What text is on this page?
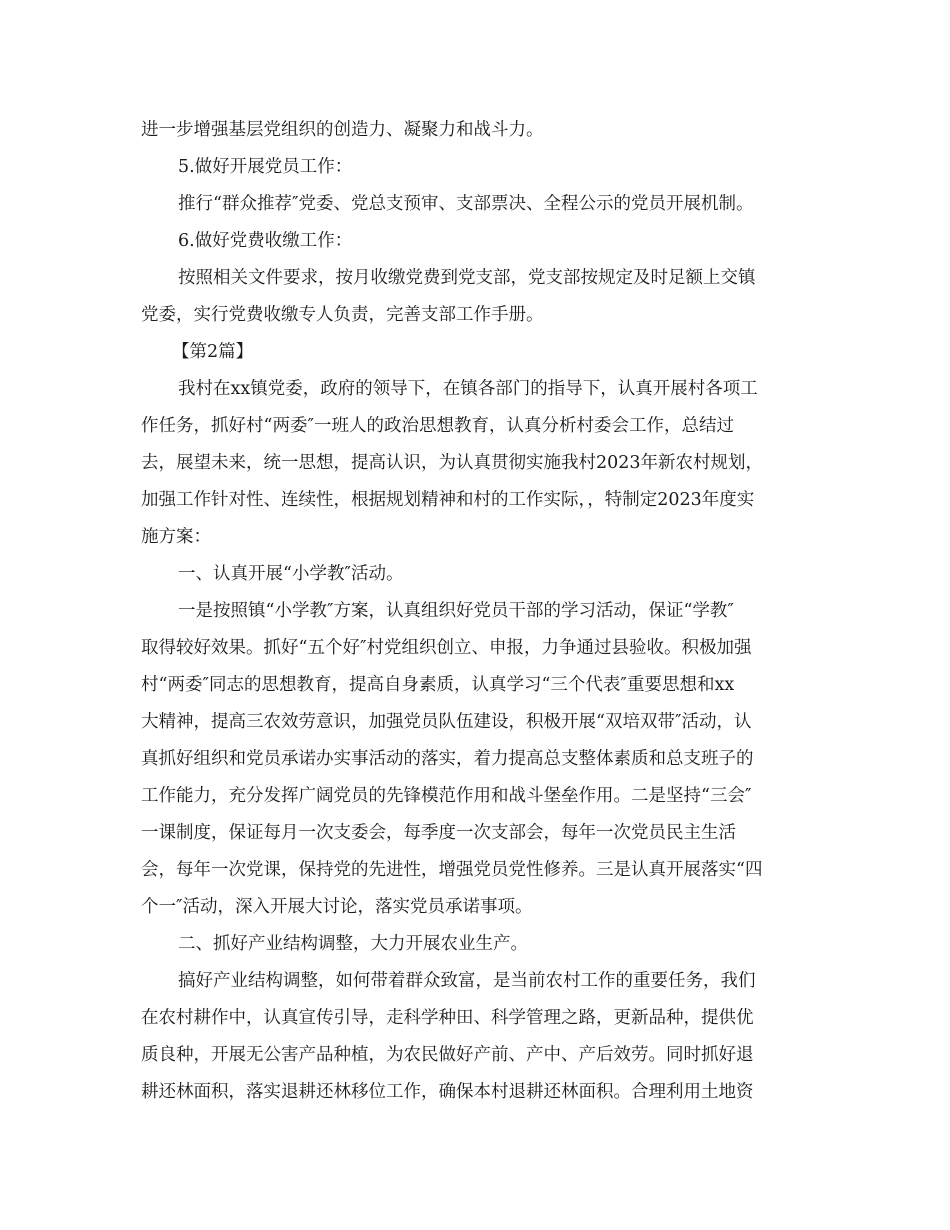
进一步增强基层党组织的创造力、凝聚力和战斗力。

5.做好开展党员工作：

推行“群众推荐″党委、党总支预审、支部票决、全程公示的党员开展机制。

6.做好党费收缴工作：

按照相关文件要求，按月收缴党费到党支部，党支部按规定及时足额上交镇

党委，实行党费收缴专人负责，完善支部工作手册。

【第2篇】

我村在xx镇党委，政府的领导下，在镇各部门的指导下，认真开展村各项工

作任务，抓好村“两委″一班人的政治思想教育，认真分析村委会工作，总结过

去，展望未来，统一思想，提高认识，为认真贯彻实施我村2023年新农村规划，

加强工作针对性、连续性，根据规划精神和村的工作实际，，特制定2023年度实

施方案：

一、认真开展“小学教″活动。

一是按照镇“小学教″方案，认真组织好党员干部的学习活动，保证“学教″

取得较好效果。抓好“五个好″村党组织创立、申报，力争通过县验收。积极加强

村“两委″同志的思想教育，提高自身素质，认真学习“三个代表″重要思想和xx

大精神，提高三农效劳意识，加强党员队伍建设，积极开展“双培双带″活动，认

真抓好组织和党员承诺办实事活动的落实，着力提高总支整体素质和总支班子的

工作能力，充分发挥广阔党员的先锋模范作用和战斗堡垒作用。二是坚持“三会″

一课制度，保证每月一次支委会，每季度一次支部会，每年一次党员民主生活

会，每年一次党课，保持党的先进性，增强党员党性修养。三是认真开展落实“四

个一″活动，深入开展大讨论，落实党员承诺事项。

二、抓好产业结构调整，大力开展农业生产。

搞好产业结构调整，如何带着群众致富，是当前农村工作的重要任务，我们

在农村耕作中，认真宣传引导，走科学种田、科学管理之路，更新品种，提供优

质良种，开展无公害产品种植，为农民做好产前、产中、产后效劳。同时抓好退

耕还林面积，落实退耕还林移位工作，确保本村退耕还林面积。合理利用土地资
